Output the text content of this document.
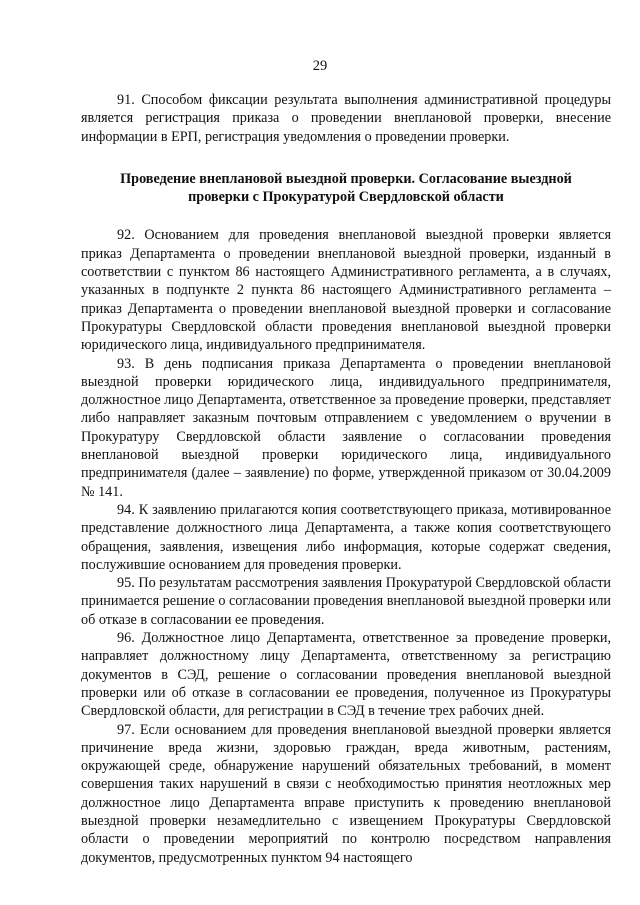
29

91. Способом фиксации результата выполнения административной процедуры является регистрация приказа о проведении внеплановой проверки, внесение информации в ЕРП, регистрация уведомления о проведении проверки.

Проведение внеплановой выездной проверки. Согласование выездной проверки с Прокуратурой Свердловской области

92. Основанием для проведения внеплановой выездной проверки является приказ Департамента о проведении внеплановой выездной проверки, изданный в соответствии с пунктом 86 настоящего Административного регламента, а в случаях, указанных в подпункте 2 пункта 86 настоящего Административного регламента – приказ Департамента о проведении внеплановой выездной проверки и согласование Прокуратуры Свердловской области проведения внеплановой выездной проверки юридического лица, индивидуального предпринимателя.

93. В день подписания приказа Департамента о проведении внеплановой выездной проверки юридического лица, индивидуального предпринимателя, должностное лицо Департамента, ответственное за проведение проверки, представляет либо направляет заказным почтовым отправлением с уведомлением о вручении в Прокуратуру Свердловской области заявление о согласовании проведения внеплановой выездной проверки юридического лица, индивидуального предпринимателя (далее – заявление) по форме, утвержденной приказом от 30.04.2009 № 141.

94. К заявлению прилагаются копия соответствующего приказа, мотивированное представление должностного лица Департамента, а также копия соответствующего обращения, заявления, извещения либо информация, которые содержат сведения, послужившие основанием для проведения проверки.

95. По результатам рассмотрения заявления Прокуратурой Свердловской области принимается решение о согласовании проведения внеплановой выездной проверки или об отказе в согласовании ее проведения.

96. Должностное лицо Департамента, ответственное за проведение проверки, направляет должностному лицу Департамента, ответственному за регистрацию документов в СЭД, решение о согласовании проведения внеплановой выездной проверки или об отказе в согласовании ее проведения, полученное из Прокуратуры Свердловской области, для регистрации в СЭД в течение трех рабочих дней.

97. Если основанием для проведения внеплановой выездной проверки является причинение вреда жизни, здоровью граждан, вреда животным, растениям, окружающей среде, обнаружение нарушений обязательных требований, в момент совершения таких нарушений в связи с необходимостью принятия неотложных мер должностное лицо Департамента вправе приступить к проведению внеплановой выездной проверки незамедлительно с извещением Прокуратуры Свердловской области о проведении мероприятий по контролю посредством направления документов, предусмотренных пунктом 94 настоящего
